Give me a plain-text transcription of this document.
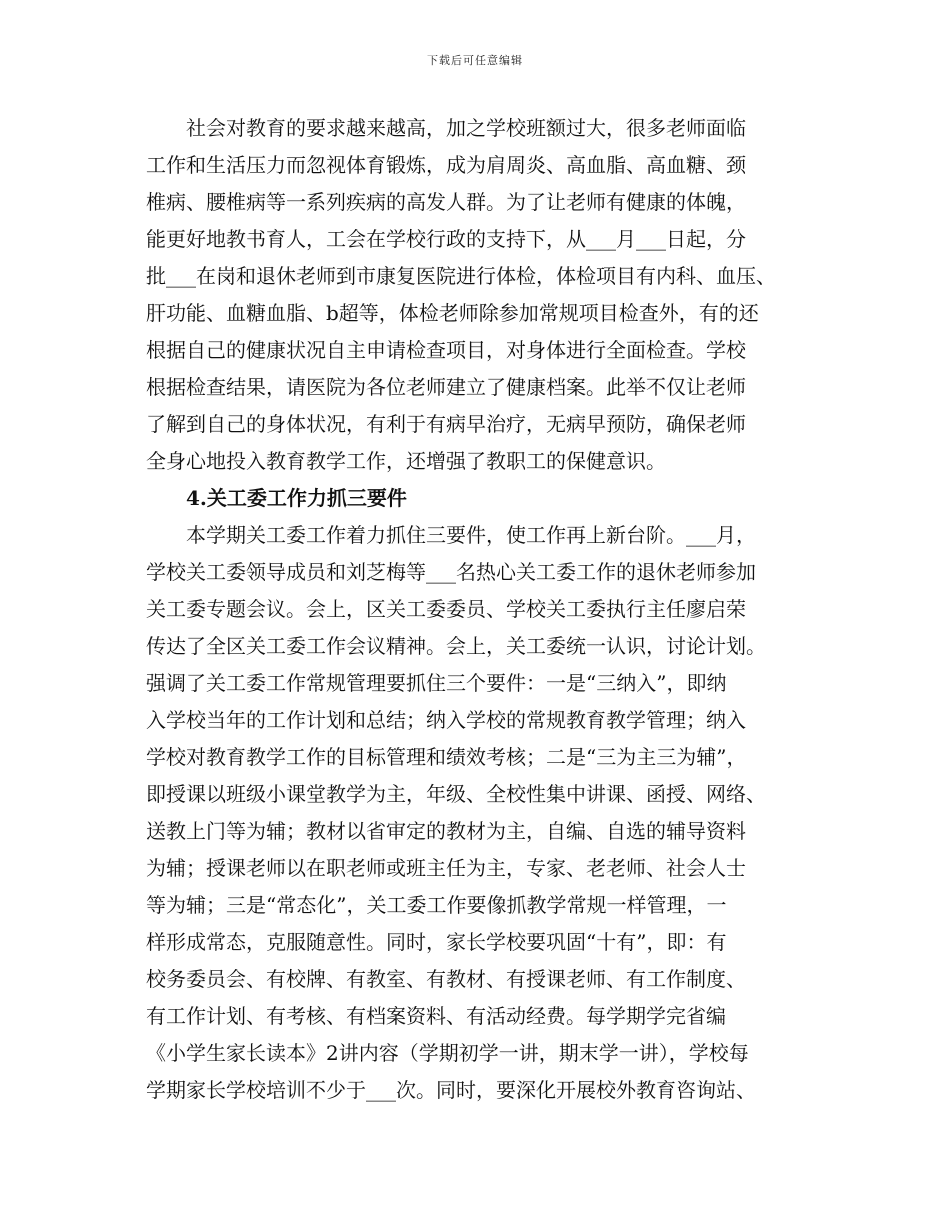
下载后可任意编辑
社会对教育的要求越来越高，加之学校班额过大，很多老师面临
工作和生活压力而忽视体育锻炼，成为肩周炎、高血脂、高血糖、颈
椎病、腰椎病等一系列疾病的高发人群。为了让老师有健康的体魄，
能更好地教书育人，工会在学校行政的支持下，从___月___日起，分
批___在岗和退休老师到市康复医院进行体检，体检项目有内科、血压、
肝功能、血糖血脂、b超等，体检老师除参加常规项目检查外，有的还
根据自己的健康状况自主申请检查项目，对身体进行全面检查。学校
根据检查结果，请医院为各位老师建立了健康档案。此举不仅让老师
了解到自己的身体状况，有利于有病早治疗，无病早预防，确保老师
全身心地投入教育教学工作，还增强了教职工的保健意识。
4.关工委工作力抓三要件
本学期关工委工作着力抓住三要件，使工作再上新台阶。___月，
学校关工委领导成员和刘芝梅等___名热心关工委工作的退休老师参加
关工委专题会议。会上，区关工委委员、学校关工委执行主任廖启荣
传达了全区关工委工作会议精神。会上，关工委统一认识，讨论计划。
强调了关工委工作常规管理要抓住三个要件：一是“三纳入”，即纳
入学校当年的工作计划和总结；纳入学校的常规教育教学管理；纳入
学校对教育教学工作的目标管理和绩效考核；二是“三为主三为辅”，
即授课以班级小课堂教学为主，年级、全校性集中讲课、函授、网络、
送教上门等为辅；教材以省审定的教材为主，自编、自选的辅导资料
为辅；授课老师以在职老师或班主任为主，专家、老老师、社会人士
等为辅；三是“常态化”，关工委工作要像抓教学常规一样管理，一
样形成常态，克服随意性。同时，家长学校要巩固“十有”，即：有
校务委员会、有校牌、有教室、有教材、有授课老师、有工作制度、
有工作计划、有考核、有档案资料、有活动经费。每学期学完省编
《小学生家长读本》2讲内容（学期初学一讲，期末学一讲），学校每
学期家长学校培训不少于___次。同时，要深化开展校外教育咨询站、
